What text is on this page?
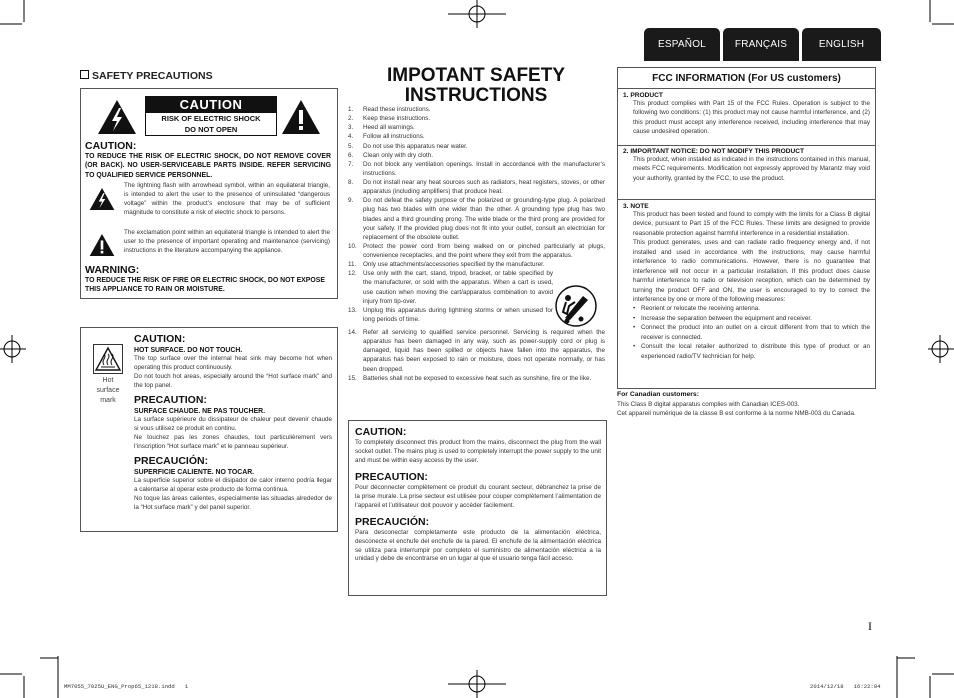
ESPAÑOL	FRANÇAIS	ENGLISH
SAFETY PRECAUTIONS
CAUTION
RISK OF ELECTRIC SHOCK
DO NOT OPEN
CAUTION:
TO REDUCE THE RISK OF ELECTRIC SHOCK, DO NOT REMOVE COVER (OR BACK). NO USER-SERVICEABLE PARTS INSIDE. REFER SERVICING TO QUALIFIED SERVICE PERSONNEL.
The lightning flash with arrowhead symbol, within an equilateral triangle, is intended to alert the user to the presence of uninsulated “dangerous voltage” within the product’s enclosure that may be of sufficient magnitude to constitute a risk of electric shock to persons.
The exclamation point within an equilateral triangle is intended to alert the user to the presence of important operating and maintenance (servicing) instructions in the literature accompanying the appliance.
WARNING:
TO REDUCE THE RISK OF FIRE OR ELECTRIC SHOCK, DO NOT EXPOSE THIS APPLIANCE TO RAIN OR MOISTURE.
Hot
surface
mark
CAUTION:
HOT SURFACE. DO NOT TOUCH.
The top surface over the internal heat sink may become hot when operating this product continuously.
Do not touch hot areas, especially around the “Hot surface mark” and the top panel.
PRECAUTION:
SURFACE CHAUDE. NE PAS TOUCHER.
La surface supérieure du dissipateur de chaleur peut devenir chaude si vous utilisez ce produit en continu.
Ne touchez pas les zones chaudes, tout particulièrement vers l’inscription “Hot surface mark” et le panneau supérieur.
PRECAUCIÓN:
SUPERFICIE CALIENTE. NO TOCAR.
La superficie superior sobre el disipador de calor interno podría llegar a calentarse al operar este producto de forma continua.
No toque las áreas calientes, especialmente las situadas alrededor de la “Hot surface mark” y del panel superior.
IMPOTANT SAFETY
INSTRUCTIONS
1. Read these instructions.
2. Keep these instructions.
3. Heed all warnings.
4. Follow all instructions.
5. Do not use this apparatus near water.
6. Clean only with dry cloth.
7. Do not block any ventilation openings. Install in accordance with the manufacturer’s instructions.
8. Do not install near any heat sources such as radiators, heat registers, stoves, or other apparatus (including amplifiers) that produce heat.
9. Do not defeat the safety purpose of the polarized or grounding-type plug. A polarized plug has two blades with one wider than the other. A grounding type plug has two blades and a third grounding prong. The wide blade or the third prong are provided for your safety. If the provided plug does not fit into your outlet, consult an electrician for replacement of the obsolete outlet.
10. Protect the power cord from being walked on or pinched particularly at plugs, convenience receptacles, and the point where they exit from the apparatus.
11. Only use attachments/accessories specified by the manufacturer.
12. Use only with the cart, stand, tripod, bracket, or table specified by the manufacturer, or sold with the apparatus. When a cart is used, use caution when moving the cart/apparatus combination to avoid injury from tip-over.
13. Unplug this apparatus during lightning storms or when unused for long periods of time.
14. Refer all servicing to qualified service personnel. Servicing is required when the apparatus has been damaged in any way, such as power-supply cord or plug is damaged, liquid has been spilled or objects have fallen into the apparatus, the apparatus has been exposed to rain or moisture, does not operate normally, or has been dropped.
15. Batteries shall not be exposed to excessive heat such as sunshine, fire or the like.
CAUTION:
To completely disconnect this product from the mains, disconnect the plug from the wall socket outlet. The mains plug is used to completely interrupt the power supply to the unit and must be within easy access by the user.
PRECAUTION:
Pour déconnecter complètement ce produit du courant secteur, débranchez la prise de la prise murale. La prise secteur est utilisée pour couper complètement l’alimentation de l’appareil et l’utilisateur doit pouvoir y accéder facilement.
PRECAUCIÓN:
Para desconectar completamente este producto de la alimentación eléctrica, desconecte el enchufe del enchufe de la pared. El enchufe de la alimentación eléctrica se utiliza para interrumpir por completo el suministro de alimentación eléctrica a la unidad y debe de encontrarse en un lugar al que el usuario tenga fácil acceso.
FCC INFORMATION (For US customers)
1. PRODUCT
This product complies with Part 15 of the FCC Rules. Operation is subject to the following two conditions: (1) this product may not cause harmful interference, and (2) this product must accept any interference received, including interference that may cause undesired operation.
2. IMPORTANT NOTICE: DO NOT MODIFY THIS PRODUCT
This product, when installed as indicated in the instructions contained in this manual, meets FCC requirements. Modification not expressly approved by Marantz may void your authority, granted by the FCC, to use the product.
3. NOTE
This product has been tested and found to comply with the limits for a Class B digital device, pursuant to Part 15 of the FCC Rules. These limits are designed to provide reasonable protection against harmful interference in a residential installation.
This product generates, uses and can radiate radio frequency energy and, if not installed and used in accordance with the instructions, may cause harmful interference to radio communications. However, there is no guarantee that interference will not occur in a particular installation. If this product does cause harmful interference to radio or television reception, which can be determined by turning the product OFF and ON, the user is encouraged to try to correct the interference by one or more of the following measures:
• Reorient or relocate the receiving antenna.
• Increase the separation between the equipment and receiver.
• Connect the product into an outlet on a circuit different from that to which the receiver is connected.
• Consult the local retailer authorized to distribute this type of product or an experienced radio/TV technician for help.
For Canadian customers:
This Class B digital apparatus complies with Canadian ICES-003.
Cet appareil numérique de la classe B est conforme à la norme NMB-003 du Canada.
I
MM7055_7025U_ENG_Prop65_1218.indd   1	2014/12/18   16:22:04
